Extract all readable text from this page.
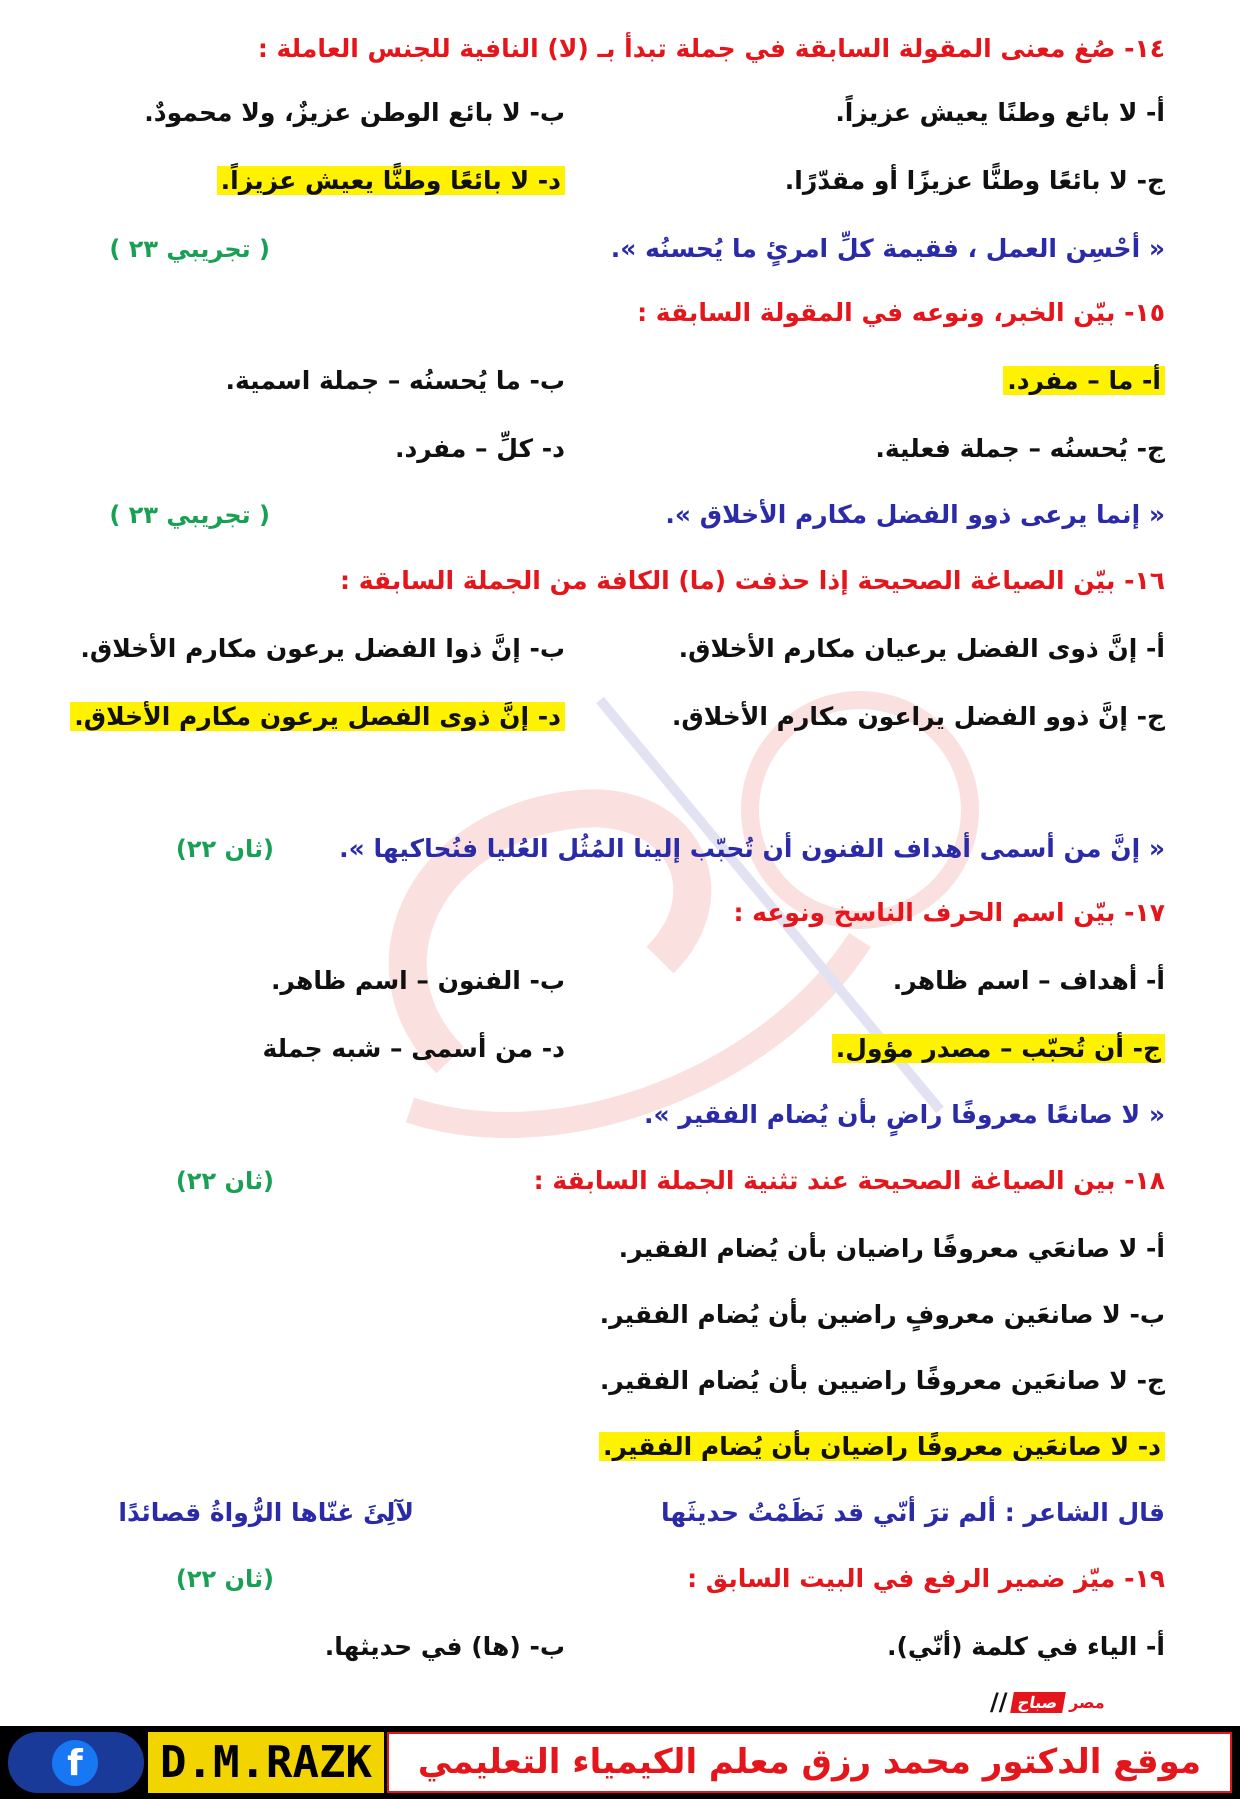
١٤- صُغ معنى المقولة السابقة في جملة تبدأ بـ (لا) النافية للجنس العاملة :
أ- لا بائع وطنًا يعيش عزيزاً.
ب- لا بائع الوطن عزيزٌ، ولا محمودٌ.
ج- لا بائعًا وطنًّا عزيزًا أو مقدّرًا.
د- لا بائعًا وطنًّا يعيش عزيزاً.
« أحْسِن العمل ، فقيمة كلِّ امرئٍ ما يُحسنُه ».
( تجريبي ٢٣ )
١٥- بيّن الخبر، ونوعه في المقولة السابقة :
أ- ما – مفرد.
ب- ما يُحسنُه – جملة اسمية.
ج- يُحسنُه – جملة فعلية.
د- كلِّ – مفرد.
« إنما يرعى ذوو الفضل مكارم الأخلاق ».
( تجريبي ٢٣ )
١٦- بيّن الصياغة الصحيحة إذا حذفت (ما) الكافة من الجملة السابقة :
أ- إنَّ ذوى الفضل يرعيان مكارم الأخلاق.
ب- إنَّ ذوا الفضل يرعون مكارم الأخلاق.
ج- إنَّ ذوو الفضل يراعون مكارم الأخلاق.
د- إنَّ ذوى الفصل يرعون مكارم الأخلاق.
« إنَّ من أسمى أهداف الفنون أن تُحبّب إلينا المُثُل العُليا فنُحاكيها ».
(ثان ٢٢)
١٧- بيّن اسم الحرف الناسخ ونوعه :
أ- أهداف – اسم ظاهر.
ب- الفنون – اسم ظاهر.
ج- أن تُحبّب – مصدر مؤول.
د- من أسمى – شبه جملة
« لا صانعًا معروفًا راضٍ بأن يُضام الفقير ».
١٨- بين الصياغة الصحيحة عند تثنية الجملة السابقة :
(ثان ٢٢)
أ- لا صانعَي معروفًا راضيان بأن يُضام الفقير.
ب- لا صانعَين معروفٍ راضين بأن يُضام الفقير.
ج- لا صانعَين معروفًا راضيين بأن يُضام الفقير.
د- لا صانعَين معروفًا راضيان بأن يُضام الفقير.
قال الشاعر : ألم ترَ أنّي قد نَظَمْتُ حديثَها
لآلِئَ غنّاها الرُّواةُ قصائدًا
١٩- ميّز ضمير الرفع في البيت السابق :
(ثان ٢٢)
أ- الياء في كلمة (أنّي).
ب- (ها) في حديثها.
// صباح مصر
f	D.M.RAZK	موقع الدكتور محمد رزق معلم الكيمياء التعليمي
